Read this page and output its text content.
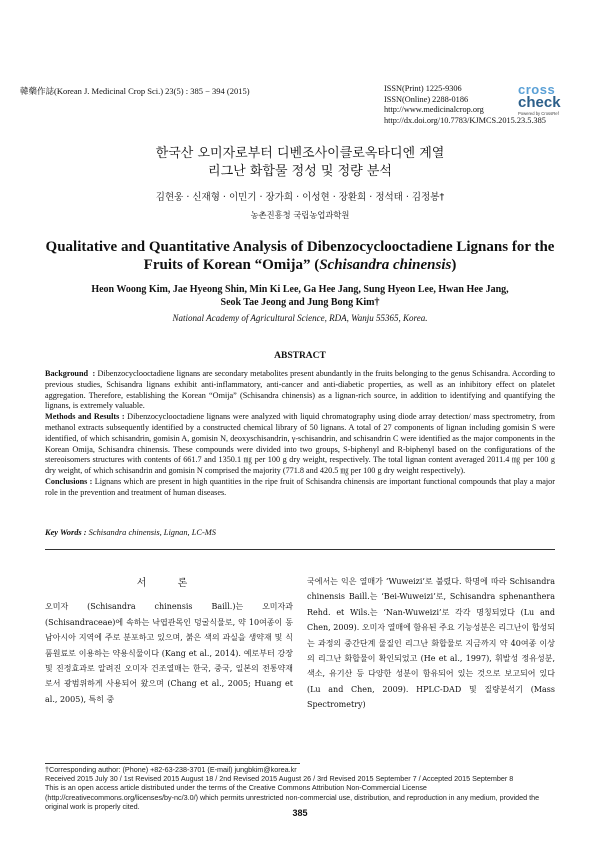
韓藥作誌(Korean J. Medicinal Crop Sci.) 23(5) : 385 − 394 (2015)	ISSN(Print) 1225-9306
ISSN(Online) 2288-0186
http://www.medicinalcrop.org
http://dx.doi.org/10.7783/KJMCS.2015.23.5.385
cross
check
Powered by CrossRef
한국산 오미자로부터 디벤조사이클로옥타디엔 계열
리그난 화합물 정성 및 정량 분석
김현웅 · 신재형 · 이민기 · 장가희 · 이성현 · 장환희 · 정석태 · 김정봉†
농촌진흥청 국립농업과학원
Qualitative and Quantitative Analysis of Dibenzocyclooctadiene Lignans for the
Fruits of Korean “Omija” (Schisandra chinensis)
Heon Woong Kim, Jae Hyeong Shin, Min Ki Lee, Ga Hee Jang, Sung Hyeon Lee, Hwan Hee Jang,
Seok Tae Jeong and Jung Bong Kim†
National Academy of Agricultural Science, RDA, Wanju 55365, Korea.
ABSTRACT

Background  : Dibenzocyclooctadiene lignans are secondary metabolites present abundantly in the fruits belonging to the genus Schisandra. According to previous studies, Schisandra lignans exhibit anti-inflammatory, anti-cancer and anti-diabetic properties, as well as an inhibitory effect on platelet aggregation. Therefore, establishing the Korean “Omija” (Schisandra chinensis) as a lignan-rich source, in addition to identifying and quantifying the lignans, is extremely valuable.

Methods and Results : Dibenzocyclooctadiene lignans were analyzed with liquid chromatography using diode array detection/ mass spectrometry, from methanol extracts subsequently identified by a constructed chemical library of 50 lignans. A total of 27 components of lignan including gomisin S were identified, of which schisandrin, gomisin A, gomisin N, deoxyschisandrin, γ-schisandrin, and schisandrin C were identified as the major components in the Korean Omija, Schisandra chinensis. These compounds were divided into two groups, S-biphenyl and R-biphenyl based on the configurations of the stereoisomers structures with contents of 661.7 and 1350.1 ㎎ per 100 g dry weight, respectively. The total lignan content averaged 2011.4 ㎎ per 100 g dry weight, of which schisandrin and gomisin N comprised the majority (771.8 and 420.5 ㎎ per 100 g dry weight respectively).

Conclusions : Lignans which are present in high quantities in the ripe fruit of Schisandra chinensis are important functional compounds that play a major role in the prevention and treatment of human diseases.

Key Words : Schisandra chinensis, Lignan, LC-MS
서 론

오미자 (Schisandra chinensis Baill.)는 오미자과(Schisandraceae)에 속하는 낙엽관목인 덩굴식물로, 약 10여종이 동남아시아 지역에 주로 분포하고 있으며, 붉은 색의 과실을 생약재 및 식품원료로 이용하는 약용식물이다 (Kang et al., 2014). 예로부터 강장 및 진정효과로 알려진 오미자 건조열매는 한국, 중국, 일본의 전통약재로서 광범위하게 사용되어 왔으며 (Chang et al., 2005; Huang et al., 2005), 특히 중

국에서는 익은 열매가 ‘Wuweizi’로 불렸다. 학명에 따라 Schisandra chinensis Baill.는 ‘Bei-Wuweizi’로, Schisandra sphenanthera Rehd. et Wils.는 ‘Nan-Wuweizi’로 각각 명칭되었다 (Lu and Chen, 2009). 오미자 열매에 함유된 주요 기능성분은 리그난이 합성되는 과정의 중간단계 물질인 리그난 화합물로 지금까지 약 40여종 이상의 리그난 화합물이 확인되었고 (He et al., 1997), 휘발성 정유성분, 색소, 유기산 등 다양한 성분이 함유되어 있는 것으로 보고되어 있다 (Lu and Chen, 2009). HPLC-DAD 및 질량분석기 (Mass Spectrometry)

†Corresponding author: (Phone) +82-63-238-3701 (E-mail) jungbkim@korea.kr

Received 2015 July 30 / 1st Revised 2015 August 18 / 2nd Revised 2015 August 26 / 3rd Revised 2015 September 7 / Accepted 2015 September 8

This is an open access article distributed under the terms of the Creative Commons Attribution Non-Commercial License (http://creativecommons.org/licenses/by-nc/3.0/) which permits unrestricted non-commercial use, distribution, and reproduction in any medium, provided the original work is properly cited.

385
